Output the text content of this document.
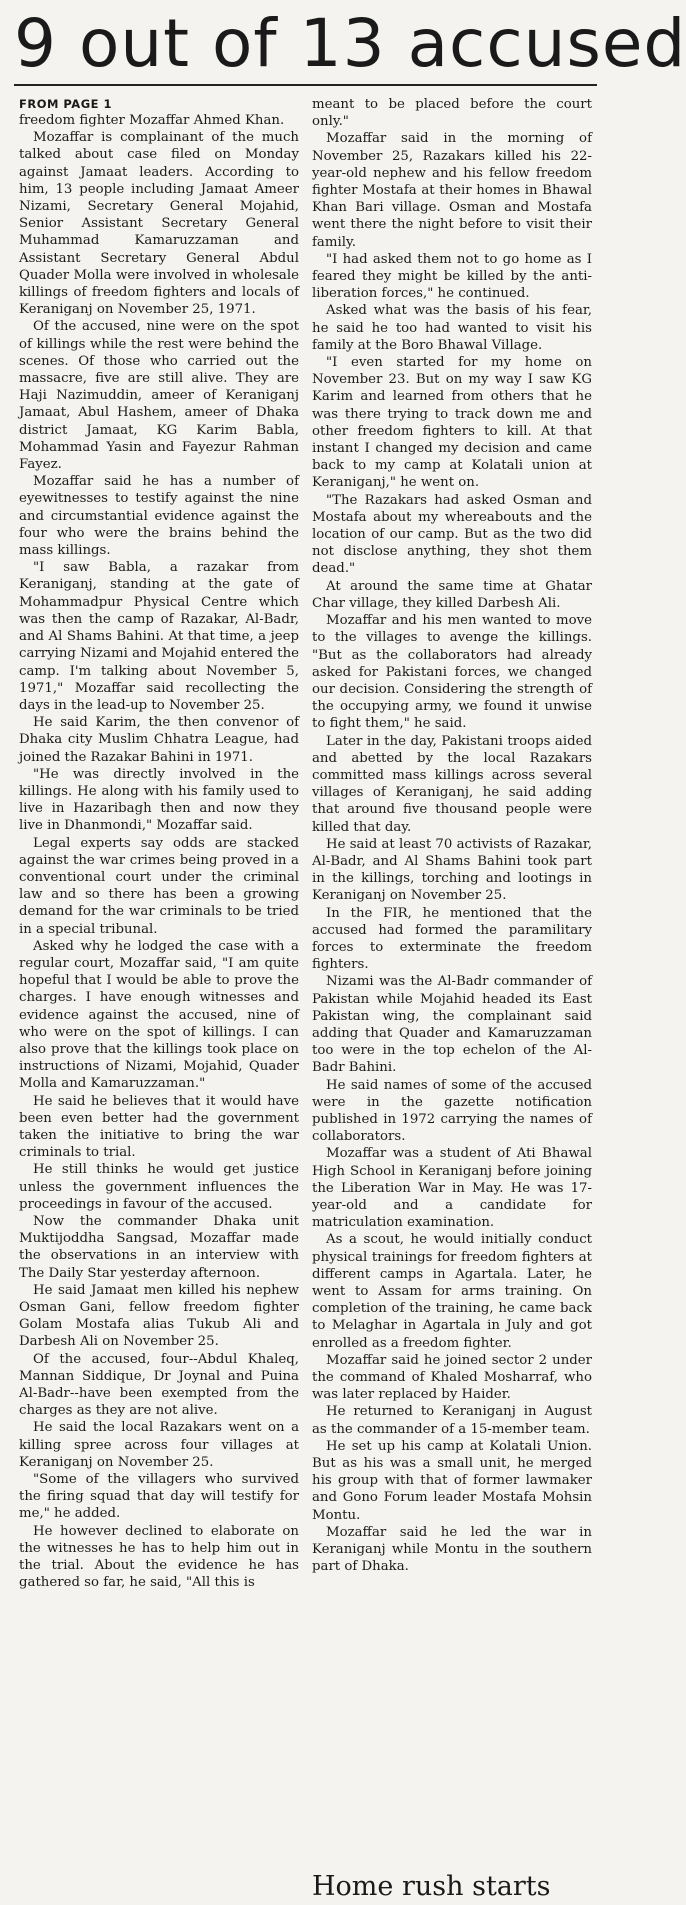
9 out of 13 accused
FROM PAGE 1

freedom fighter Mozaffar Ahmed Khan.

Mozaffar is complainant of the much talked about case filed on Monday against Jamaat leaders. According to him, 13 people including Jamaat Ameer Nizami, Secretary General Mojahid, Senior Assistant Secretary General Muhammad Kamaruzzaman and Assistant Secretary General Abdul Quader Molla were involved in wholesale killings of freedom fighters and locals of Keraniganj on November 25, 1971.

Of the accused, nine were on the spot of killings while the rest were behind the scenes. Of those who carried out the massacre, five are still alive. They are Haji Nazimuddin, ameer of Keraniganj Jamaat, Abul Hashem, ameer of Dhaka district Jamaat, KG Karim Babla, Mohammad Yasin and Fayezur Rahman Fayez.

Mozaffar said he has a number of eyewitnesses to testify against the nine and circumstantial evidence against the four who were the brains behind the mass killings.

"I saw Babla, a razakar from Keraniganj, standing at the gate of Mohammadpur Physical Centre which was then the camp of Razakar, Al-Badr, and Al Shams Bahini. At that time, a jeep carrying Nizami and Mojahid entered the camp. I'm talking about November 5, 1971," Mozaffar said recollecting the days in the lead-up to November 25.

He said Karim, the then convenor of Dhaka city Muslim Chhatra League, had joined the Razakar Bahini in 1971.

"He was directly involved in the killings. He along with his family used to live in Hazaribagh then and now they live in Dhanmondi," Mozaffar said.

Legal experts say odds are stacked against the war crimes being proved in a conventional court under the criminal law and so there has been a growing demand for the war criminals to be tried in a special tribunal.

Asked why he lodged the case with a regular court, Mozaffar said, "I am quite hopeful that I would be able to prove the charges. I have enough witnesses and evidence against the accused, nine of who were on the spot of killings. I can also prove that the killings took place on instructions of Nizami, Mojahid, Quader Molla and Kamaruzzaman."

He said he believes that it would have been even better had the government taken the initiative to bring the war criminals to trial.

He still thinks he would get justice unless the government influences the proceedings in favour of the accused.

Now the commander Dhaka unit Muktijoddha Sangsad, Mozaffar made the observations in an interview with The Daily Star yesterday afternoon.

He said Jamaat men killed his nephew Osman Gani, fellow freedom fighter Golam Mostafa alias Tukub Ali and Darbesh Ali on November 25.

Of the accused, four--Abdul Khaleq, Mannan Siddique, Dr Joynal and Puina Al-Badr--have been exempted from the charges as they are not alive.

He said the local Razakars went on a killing spree across four villages at Keraniganj on November 25.

"Some of the villagers who survived the firing squad that day will testify for me," he added.

He however declined to elaborate on the witnesses he has to help him out in the trial. About the evidence he has gathered so far, he said, "All this is

meant to be placed before the court only."

Mozaffar said in the morning of November 25, Razakars killed his 22-year-old nephew and his fellow freedom fighter Mostafa at their homes in Bhawal Khan Bari village. Osman and Mostafa went there the night before to visit their family.

"I had asked them not to go home as I feared they might be killed by the anti-liberation forces," he continued.

Asked what was the basis of his fear, he said he too had wanted to visit his family at the Boro Bhawal Village.

"I even started for my home on November 23. But on my way I saw KG Karim and learned from others that he was there trying to track down me and other freedom fighters to kill. At that instant I changed my decision and came back to my camp at Kolatali union at Keraniganj," he went on.

"The Razakars had asked Osman and Mostafa about my whereabouts and the location of our camp. But as the two did not disclose anything, they shot them dead."

At around the same time at Ghatar Char village, they killed Darbesh Ali.

Mozaffar and his men wanted to move to the villages to avenge the killings. "But as the collaborators had already asked for Pakistani forces, we changed our decision. Considering the strength of the occupying army, we found it unwise to fight them," he said.

Later in the day, Pakistani troops aided and abetted by the local Razakars committed mass killings across several villages of Keraniganj, he said adding that around five thousand people were killed that day.

He said at least 70 activists of Razakar, Al-Badr, and Al Shams Bahini took part in the killings, torching and lootings in Keraniganj on November 25.

In the FIR, he mentioned that the accused had formed the paramilitary forces to exterminate the freedom fighters.

Nizami was the Al-Badr commander of Pakistan while Mojahid headed its East Pakistan wing, the complainant said adding that Quader and Kamaruzzaman too were in the top echelon of the Al-Badr Bahini.

He said names of some of the accused were in the gazette notification published in 1972 carrying the names of collaborators.

Mozaffar was a student of Ati Bhawal High School in Keraniganj before joining the Liberation War in May. He was 17-year-old and a candidate for matriculation examination.

As a scout, he would initially conduct physical trainings for freedom fighters at different camps in Agartala. Later, he went to Assam for arms training. On completion of the training, he came back to Melaghar in Agartala in July and got enrolled as a freedom fighter.

Mozaffar said he joined sector 2 under the command of Khaled Mosharraf, who was later replaced by Haider.

He returned to Keraniganj in August as the commander of a 15-member team.

He set up his camp at Kolatali Union. But as his was a small unit, he merged his group with that of former lawmaker and Gono Forum leader Mostafa Mohsin Montu.

Mozaffar said he led the war in Keraniganj while Montu in the southern part of Dhaka.

Home rush starts
